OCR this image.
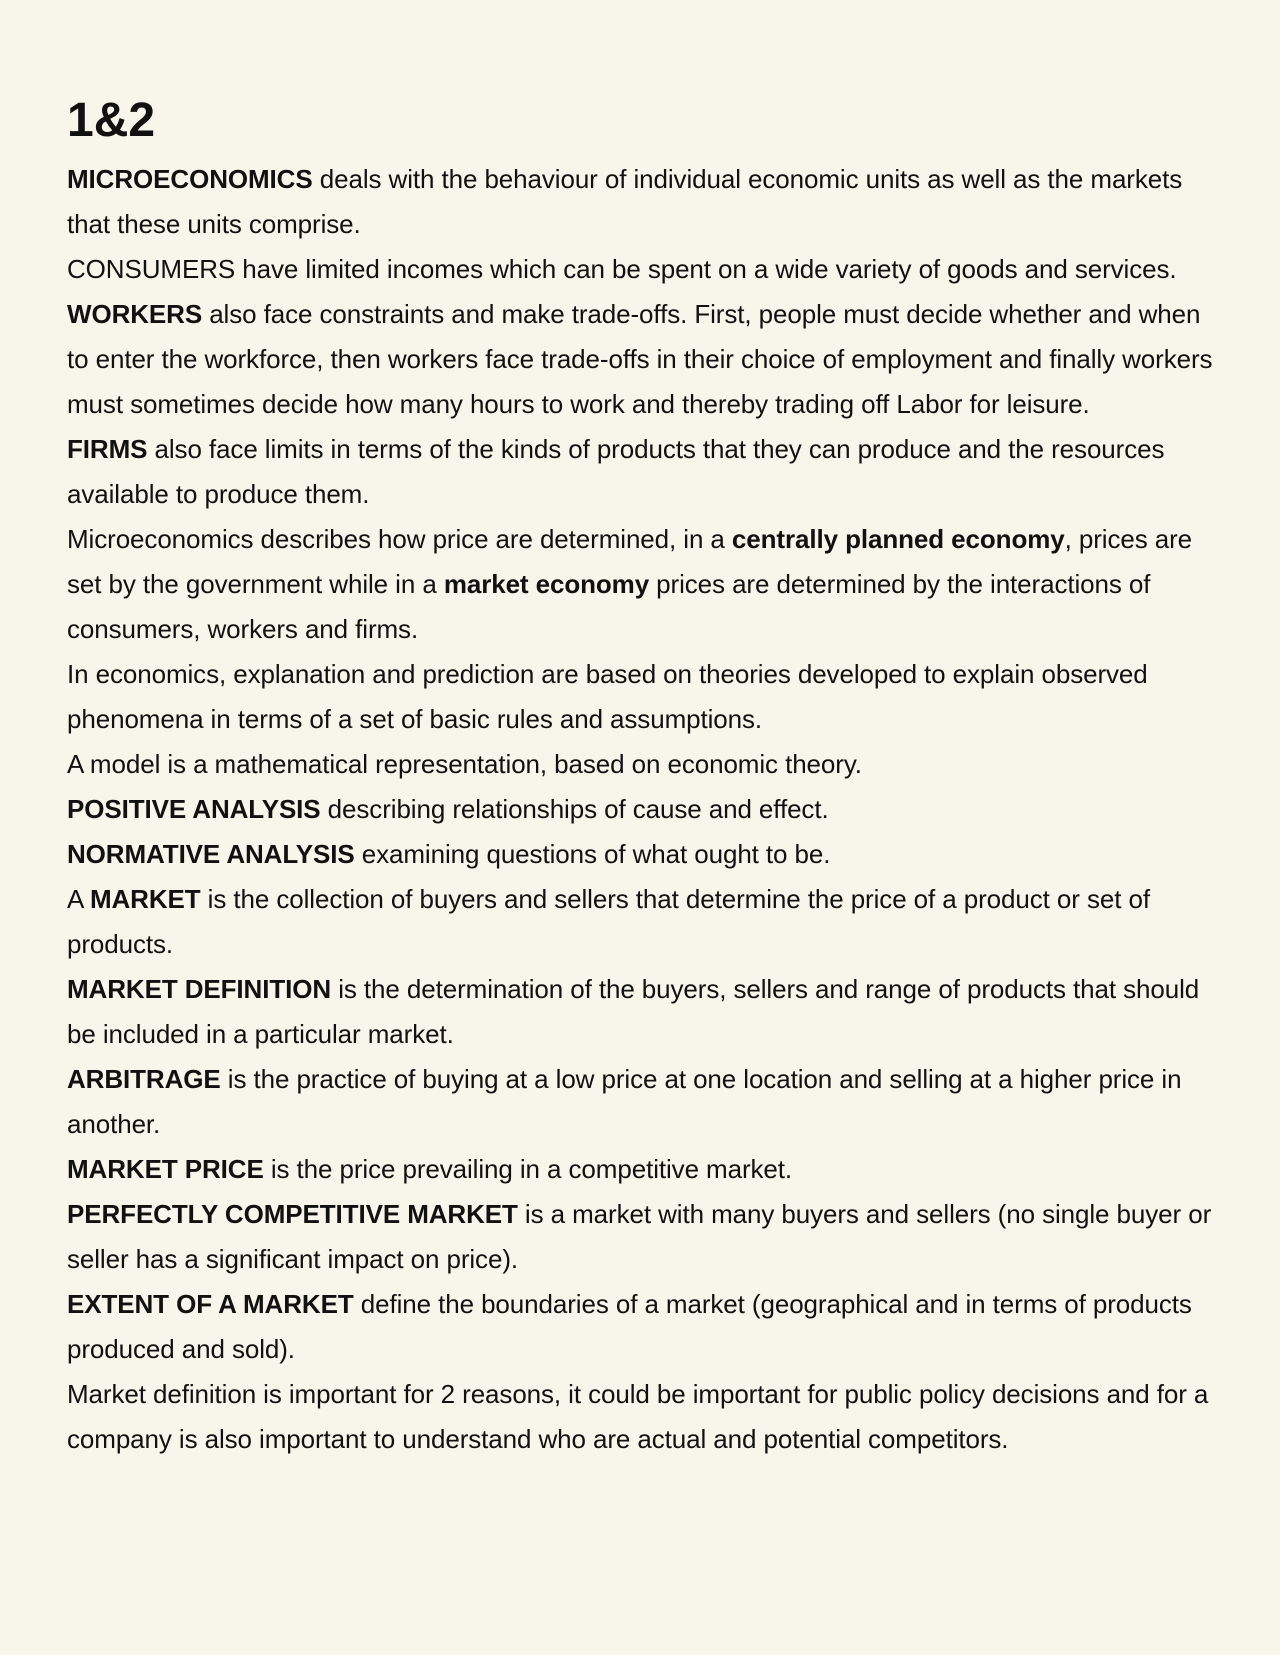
1&2

MICROECONOMICS deals with the behaviour of individual economic units as well as the markets that these units comprise.

CONSUMERS have limited incomes which can be spent on a wide variety of goods and services.

WORKERS also face constraints and make trade-offs. First, people must decide whether and when to enter the workforce, then workers face trade-offs in their choice of employment and finally workers must sometimes decide how many hours to work and thereby trading off Labor for leisure.

FIRMS also face limits in terms of the kinds of products that they can produce and the resources available to produce them.

Microeconomics describes how price are determined, in a centrally planned economy, prices are set by the government while in a market economy prices are determined by the interactions of consumers, workers and firms.

In economics, explanation and prediction are based on theories developed to explain observed phenomena in terms of a set of basic rules and assumptions.

A model is a mathematical representation, based on economic theory.

POSITIVE ANALYSIS describing relationships of cause and effect.

NORMATIVE ANALYSIS examining questions of what ought to be.

A MARKET is the collection of buyers and sellers that determine the price of a product or set of products.

MARKET DEFINITION is the determination of the buyers, sellers and range of products that should be included in a particular market.

ARBITRAGE is the practice of buying at a low price at one location and selling at a higher price in another.

MARKET PRICE is the price prevailing in a competitive market.

PERFECTLY COMPETITIVE MARKET is a market with many buyers and sellers (no single buyer or seller has a significant impact on price).

EXTENT OF A MARKET define the boundaries of a market (geographical and in terms of products produced and sold).

Market definition is important for 2 reasons, it could be important for public policy decisions and for a company is also important to understand who are actual and potential competitors.
